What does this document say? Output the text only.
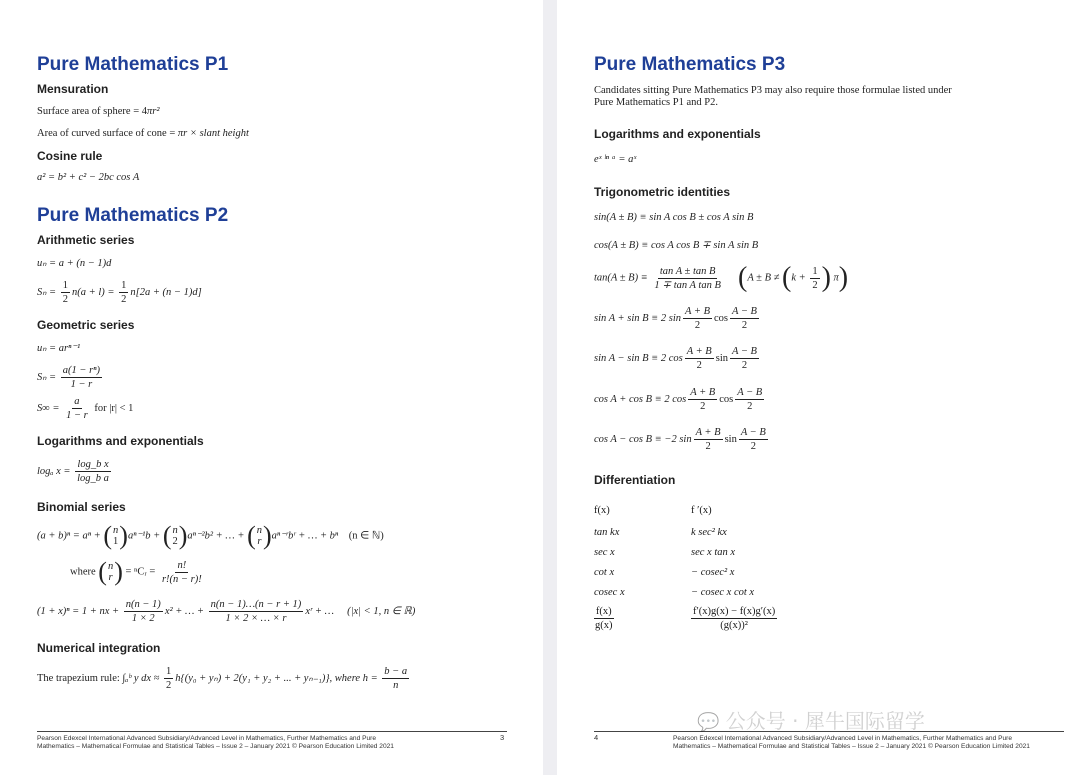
Pure Mathematics P1
Mensuration
Surface area of sphere = 4πr²
Area of curved surface of cone = πr × slant height
Cosine rule
a² = b² + c² − 2bc cos A
Pure Mathematics P2
Arithmetic series
uₙ = a + (n − 1)d
$S_n = \frac{1}{2} n(a + l) = \frac{1}{2} n[2a + (n - 1)d]$
Geometric series
uₙ = arⁿ⁻¹
$S_n = \frac{\text{a(1 − rⁿ)}}{1 - r}$
$S\infty = \frac{a}{1 - r}$ for |r| < 1
Logarithms and exponentials
logₐ $x = \frac{\text{log\_b x}}{\text{log\_b a}}$
Binomial series
(a + b)ⁿ = aⁿ + ( n
1 ) aⁿ⁻¹b + ( n
2 ) aⁿ⁻²b² + … + ( n
r ) aⁿ⁻ʳbʳ + … + bⁿ (n ∈ ℕ)
where ( n
r ) = ⁿCᵣ = $\frac{n!}{r!(n - r)!}$
(1 + x)ⁿ = 1 + nx + $\frac{n(n - 1)}{1 \times 2} x^2$ + … + $\frac{n(n - 1)\dots(n - r + 1)}{1 \times 2 \times \dots \times r}$ xʳ + … (|x| < 1, n ∈ ℝ)
Numerical integration
The trapezium rule: ∫ₐᵇ y dx ≈ $\frac{1}{2} h\{(y_0 + y_n) + 2(y_1 + y_2$ + ... + yₙ₋₁)}, where $h = \frac{b - a}{n}$
Pearson Edexcel International Advanced Subsidiary/Advanced Level in Mathematics, Further Mathematics and Pure
Mathematics – Mathematical Formulae and Statistical Tables – Issue 2 – January 2021 © Pearson Education Limited 2021
3
Pure Mathematics P3
Candidates sitting Pure Mathematics P3 may also require those formulae listed under
Pure Mathematics P1 and P2.
Logarithms and exponentials
eˣ ˡⁿ ᵃ = aˣ
Trigonometric identities
sin(A ± B) ≡ sin A cos B ± cos A sin B
cos(A ± B) ≡ cos A cos B ∓ sin A sin B
$\tan(A \pm B) \equiv \frac{\text{tan A ± tan B}}{\text{1 ∓ tan A tan B}} (A \pm B \ne (k + \frac{1}{2}$ ) π)
sin A + sin B ≡ 2 $\sin \frac{A + B}{2}$ $\cos \frac{A - B}{2}$
sin A − sin B ≡ 2 $\cos \frac{A + B}{2}$ $\sin \frac{A - B}{2}$
cos A + cos B ≡ 2 $\cos \frac{A + B}{2}$ $\cos \frac{A - B}{2}$
cos A − cos B ≡ −2 $\sin \frac{A + B}{2}$ $\sin \frac{A - B}{2}$
Differentiation
f(x)	f ′(x)
tan kx	k sec² kx
sec x	sec x tan x
cot x	− cosec² x
cosec x	− cosec x cot x
$\frac{f(x)}{g(x)}$	$\frac{f'(x)g(x) - f(x)g'(x)}{\text{(g(x))²}}$
4	Pearson Edexcel International Advanced Subsidiary/Advanced Level in Mathematics, Further Mathematics and Pure
Mathematics – Mathematical Formulae and Statistical Tables – Issue 2 – January 2021 © Pearson Education Limited 2021
💬 公众号 · 犀牛国际留学
